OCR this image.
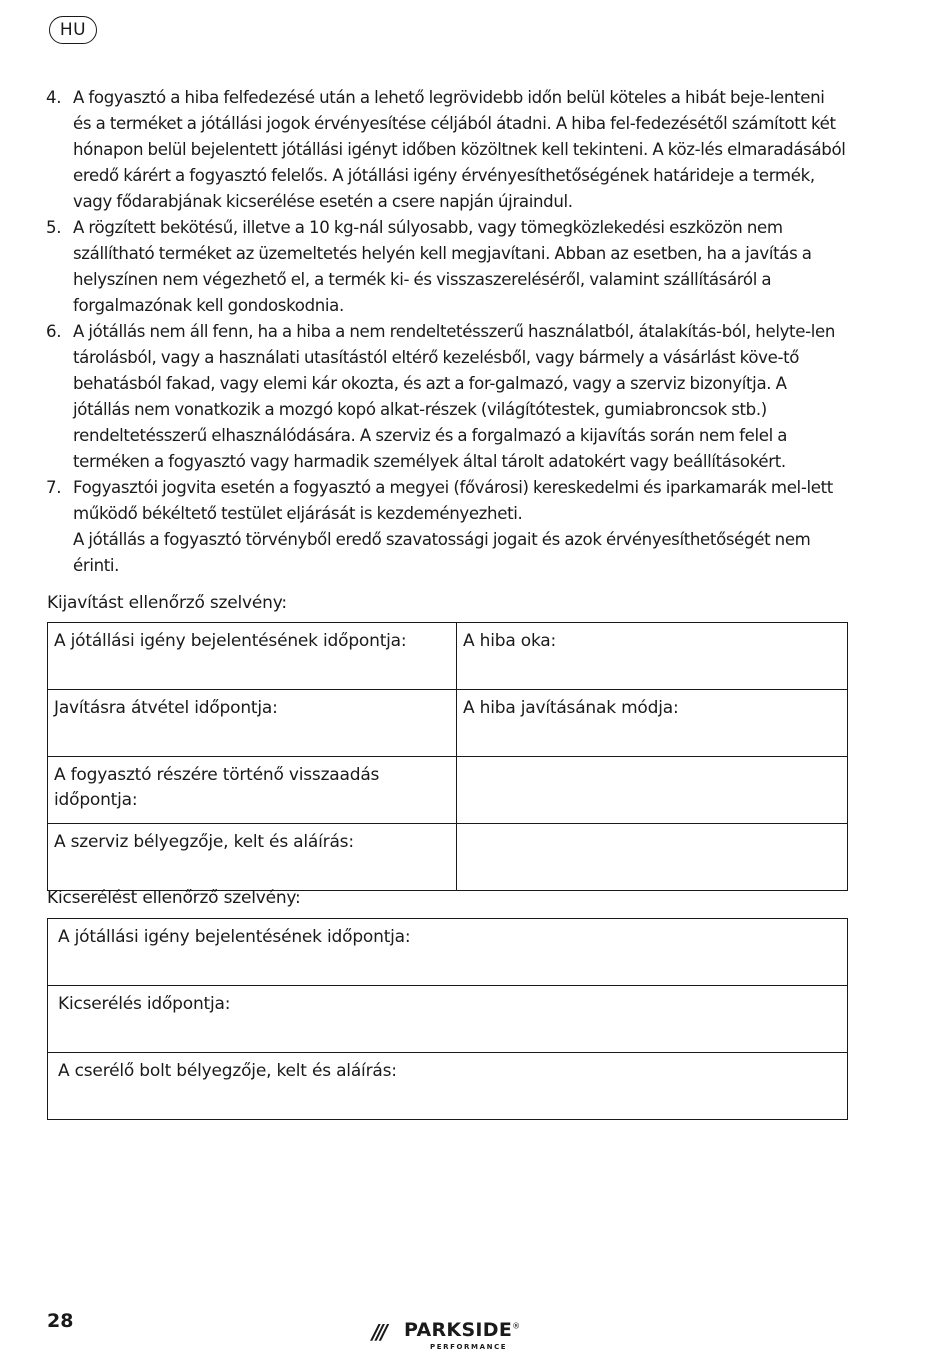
HU
4. A fogyasztó a hiba felfedezésé után a lehető legrövidebb időn belül köteles a hibát beje-lenteni és a terméket a jótállási jogok érvényesítése céljából átadni. A hiba fel-fedezésétől számított két hónapon belül bejelentett jótállási igényt időben közöltnek kell tekinteni. A köz-lés elmaradásából eredő kárért a fogyasztó felelős. A jótállási igény érvényesíthetőségének határideje a termék, vagy fődarabjának kicserélése esetén a csere napján újraindul.
5. A rögzített bekötésű, illetve a 10 kg-nál súlyosabb, vagy tömegközlekedési eszközön nem szállítható terméket az üzemeltetés helyén kell megjavítani. Abban az esetben, ha a javítás a helyszínen nem végezhető el, a termék ki- és visszaszereléséről, valamint szállításáról a forgalmazónak kell gondoskodnia.
6. A jótállás nem áll fenn, ha a hiba a nem rendeltetésszerű használatból, átalakítás-ból, helyte-len tárolásból, vagy a használati utasítástól eltérő kezelésből, vagy bármely a vásárlást köve-tő behatásból fakad, vagy elemi kár okozta, és azt a for-galmazó, vagy a szerviz bizonyítja. A jótállás nem vonatkozik a mozgó kopó alkat-részek (világítótestek, gumiabroncsok stb.) rendeltetésszerű elhasználódására. A szerviz és a forgalmazó a kijavítás során nem felel a terméken a fogyasztó vagy harmadik személyek által tárolt adatokért vagy beállításokért.
7. Fogyasztói jogvita esetén a fogyasztó a megyei (fővárosi) kereskedelmi és iparkamarák mel-lett működő békéltető testület eljárását is kezdeményezheti.
A jótállás a fogyasztó törvényből eredő szavatossági jogait és azok érvényesíthetőségét nem érinti.
Kijavítást ellenőrző szelvény:
A jótállási igény bejelentésének időpontja:	A hiba oka:
Javításra átvétel időpontja:	A hiba javításának módja:
A fogyasztó részére történő visszaadás időpontja:	
A szerviz bélyegzője, kelt és aláírás:	
Kicserélést ellenőrző szelvény:
A jótállási igény bejelentésének időpontja:
Kicserélés időpontja:
A cserélő bolt bélyegzője, kelt és aláírás:
28	/// PARKSIDE®
PERFORMANCE
